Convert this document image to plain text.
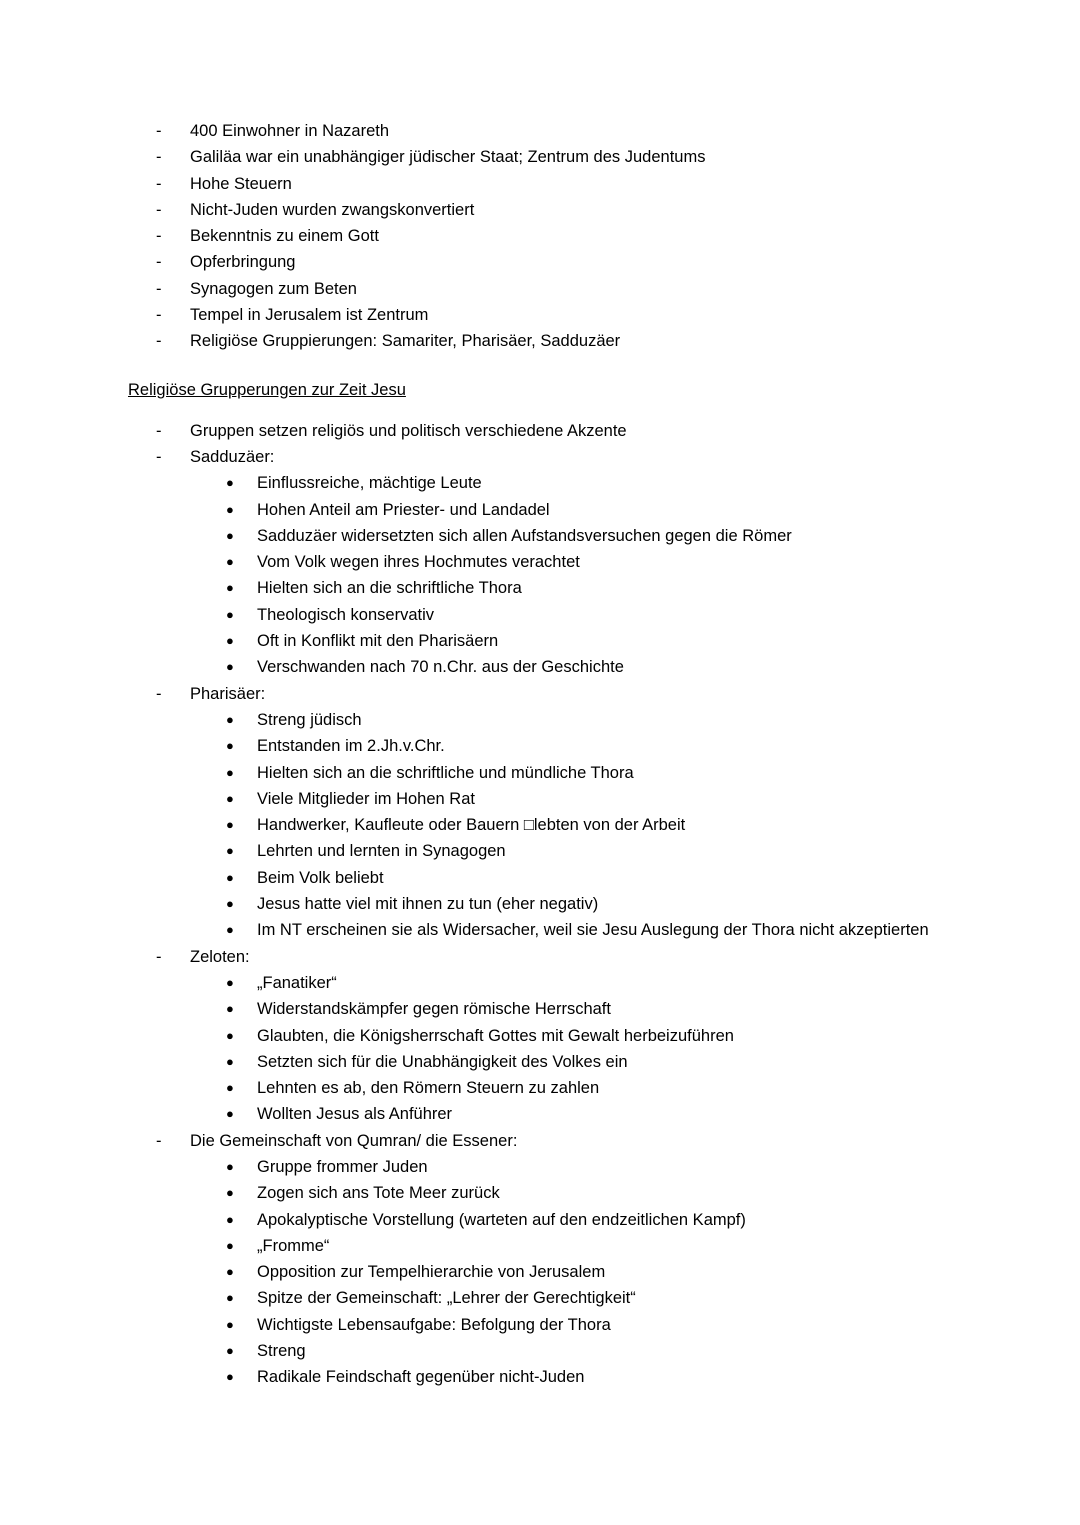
- 400 Einwohner in Nazareth
- Galiläa war ein unabhängiger jüdischer Staat; Zentrum des Judentums
- Hohe Steuern
- Nicht-Juden wurden zwangskonvertiert
- Bekenntnis zu einem Gott
- Opferbringung
- Synagogen zum Beten
- Tempel in Jerusalem ist Zentrum
- Religiöse Gruppierungen: Samariter, Pharisäer, Sadduzäer
Religiöse Grupperungen zur Zeit Jesu
- Gruppen setzen religiös und politisch verschiedene Akzente
- Sadduzäer:
● Einflussreiche, mächtige Leute
● Hohen Anteil am Priester- und Landadel
● Sadduzäer widersetzten sich allen Aufstandsversuchen gegen die Römer
● Vom Volk wegen ihres Hochmutes verachtet
● Hielten sich an die schriftliche Thora
● Theologisch konservativ
● Oft in Konflikt mit den Pharisäern
● Verschwanden nach 70 n.Chr. aus der Geschichte
- Pharisäer:
● Streng jüdisch
● Entstanden im 2.Jh.v.Chr.
● Hielten sich an die schriftliche und mündliche Thora
● Viele Mitglieder im Hohen Rat
● Handwerker, Kaufleute oder Bauern □lebten von der Arbeit
● Lehrten und lernten in Synagogen
● Beim Volk beliebt
● Jesus hatte viel mit ihnen zu tun (eher negativ)
● Im NT erscheinen sie als Widersacher, weil sie Jesu Auslegung der Thora nicht akzeptierten
- Zeloten:
● „Fanatiker“
● Widerstandskämpfer gegen römische Herrschaft
● Glaubten, die Königsherrschaft Gottes mit Gewalt herbeizuführen
● Setzten sich für die Unabhängigkeit des Volkes ein
● Lehnten es ab, den Römern Steuern zu zahlen
● Wollten Jesus als Anführer
- Die Gemeinschaft von Qumran/ die Essener:
● Gruppe frommer Juden
● Zogen sich ans Tote Meer zurück
● Apokalyptische Vorstellung (warteten auf den endzeitlichen Kampf)
● „Fromme“
● Opposition zur Tempelhierarchie von Jerusalem
● Spitze der Gemeinschaft: „Lehrer der Gerechtigkeit“
● Wichtigste Lebensaufgabe: Befolgung der Thora
● Streng
● Radikale Feindschaft gegenüber nicht-Juden
